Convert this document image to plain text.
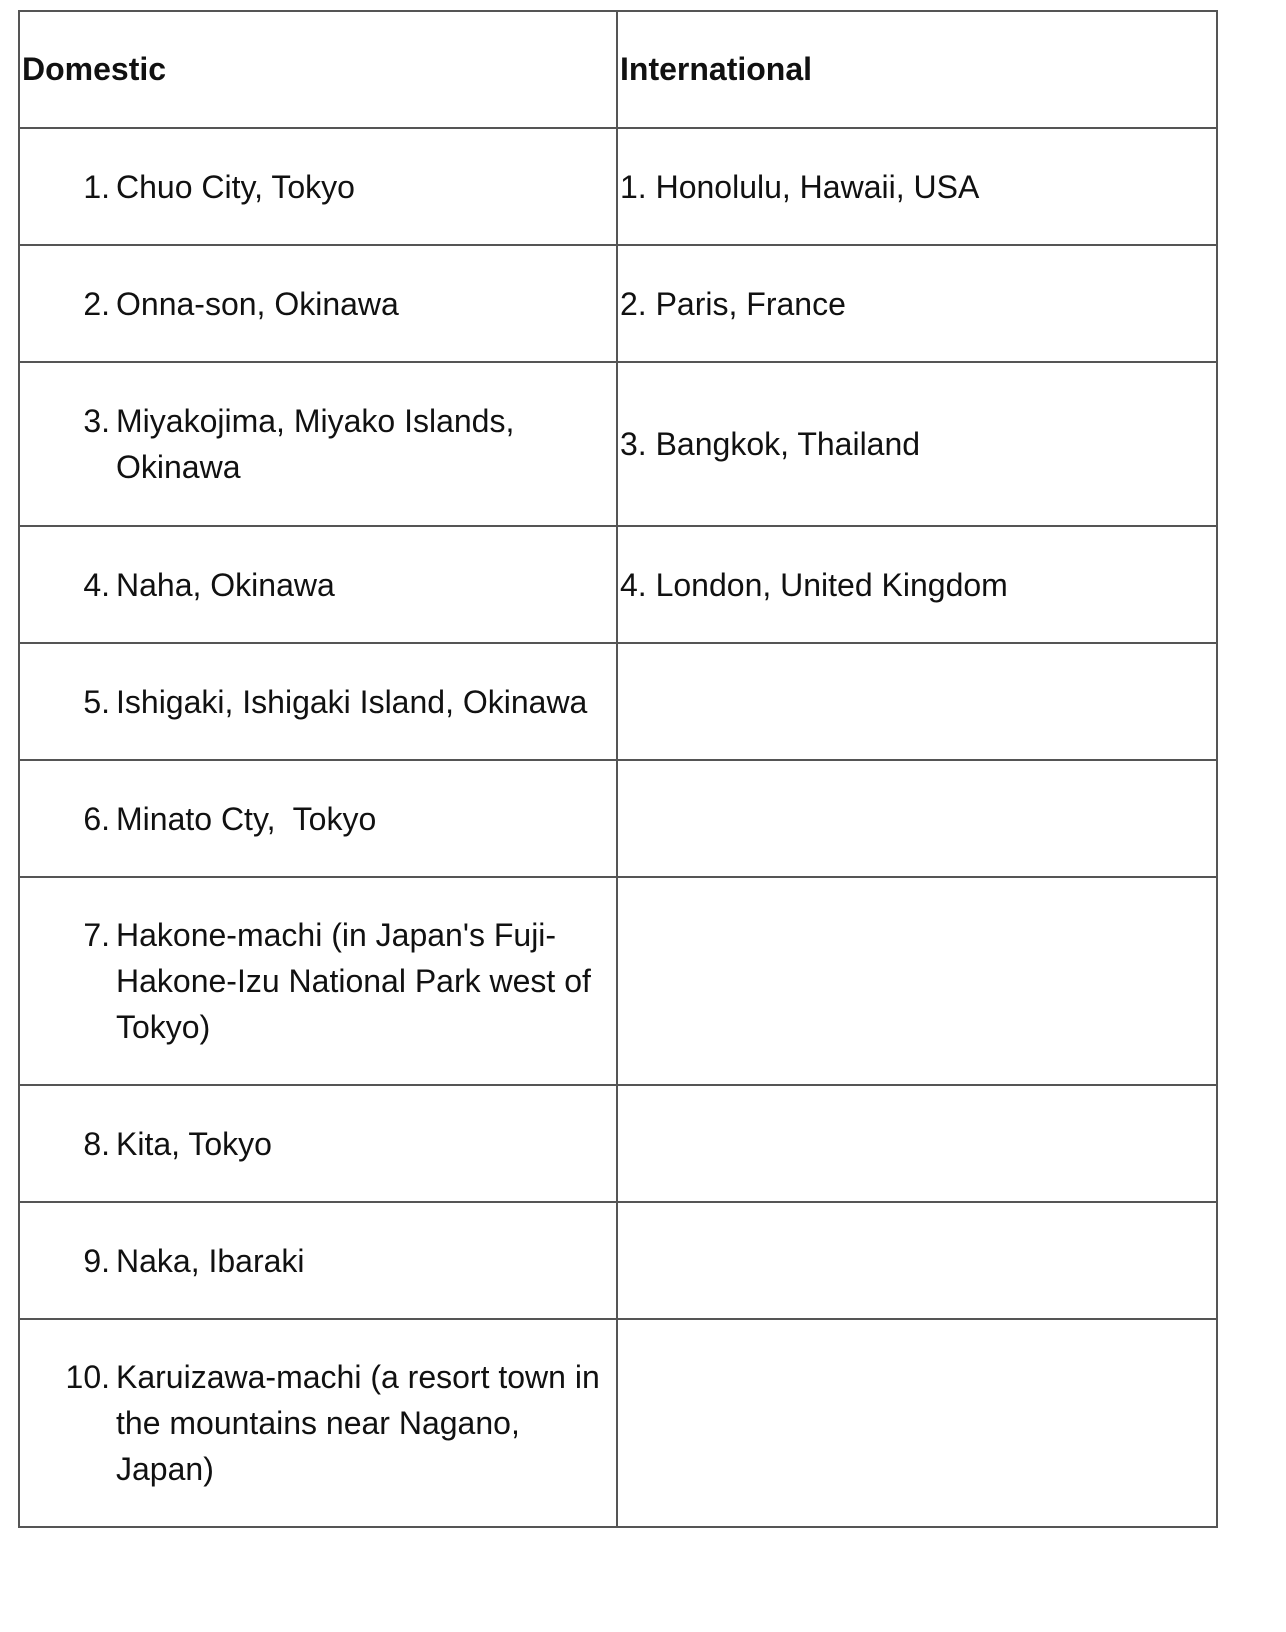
Domestic	International

1. Chuo City, Tokyo	1. Honolulu, Hawaii, USA

2. Onna-son, Okinawa	2. Paris, France

3. Miyakojima, Miyako Islands, Okinawa	3. Bangkok, Thailand

4. Naha, Okinawa	4. London, United Kingdom

5. Ishigaki, Ishigaki Island, Okinawa	

6. Minato Cty,  Tokyo	

7. Hakone-machi (in Japan's Fuji-Hakone-Izu National Park west of Tokyo)	

8. Kita, Tokyo	

9. Naka, Ibaraki	

10. Karuizawa-machi (a resort town in the mountains near Nagano, Japan)	
